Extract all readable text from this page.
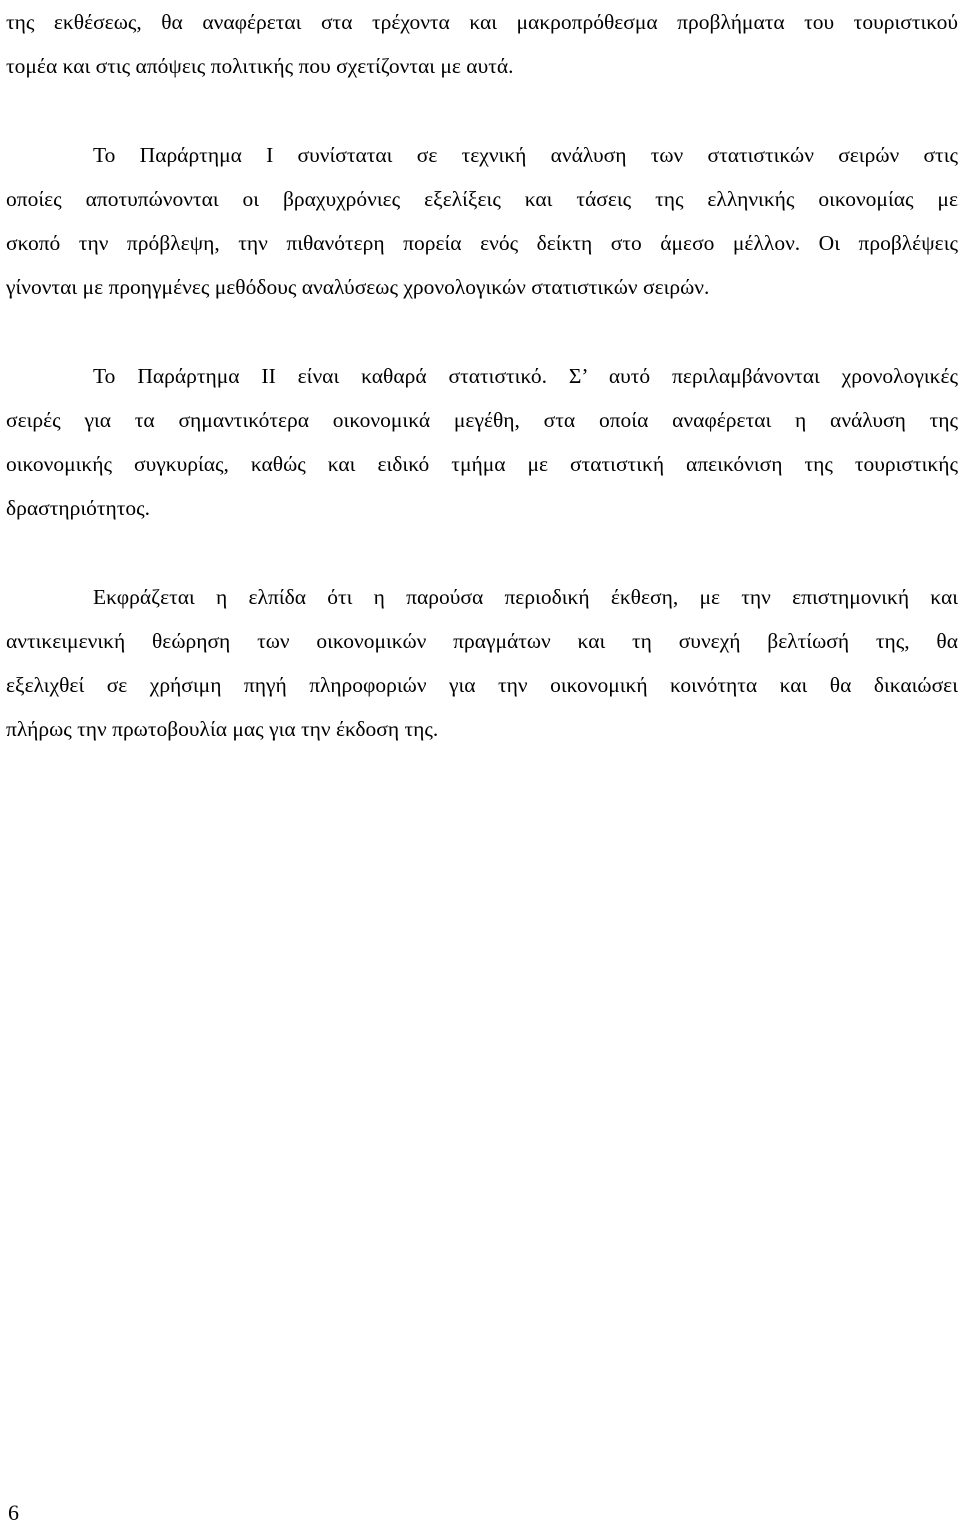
της εκθέσεως, θα αναφέρεται στα τρέχοντα και μακροπρόθεσμα προβλήματα του τουριστικού
τομέα και στις απόψεις πολιτικής που σχετίζονται με αυτά.
Το Παράρτημα Ι συνίσταται σε τεχνική ανάλυση των στατιστικών σειρών στις
οποίες αποτυπώνονται οι βραχυχρόνιες εξελίξεις και τάσεις της ελληνικής οικονομίας με
σκοπό την πρόβλεψη, την πιθανότερη πορεία ενός δείκτη στο άμεσο μέλλον. Οι προβλέψεις
γίνονται με προηγμένες μεθόδους αναλύσεως χρονολογικών στατιστικών σειρών.
Το Παράρτημα ΙΙ είναι καθαρά στατιστικό. Σ’ αυτό περιλαμβάνονται χρονολογικές
σειρές για τα σημαντικότερα οικονομικά μεγέθη, στα οποία αναφέρεται η ανάλυση της
οικονομικής συγκυρίας, καθώς και ειδικό τμήμα με στατιστική απεικόνιση της τουριστικής
δραστηριότητος.
Εκφράζεται η ελπίδα ότι η παρούσα περιοδική έκθεση, με την επιστημονική και
αντικειμενική θεώρηση των οικονομικών πραγμάτων και τη συνεχή βελτίωσή της, θα
εξελιχθεί σε χρήσιμη πηγή πληροφοριών για την οικονομική κοινότητα και θα δικαιώσει
πλήρως την πρωτοβουλία μας για την έκδοση της.
6
